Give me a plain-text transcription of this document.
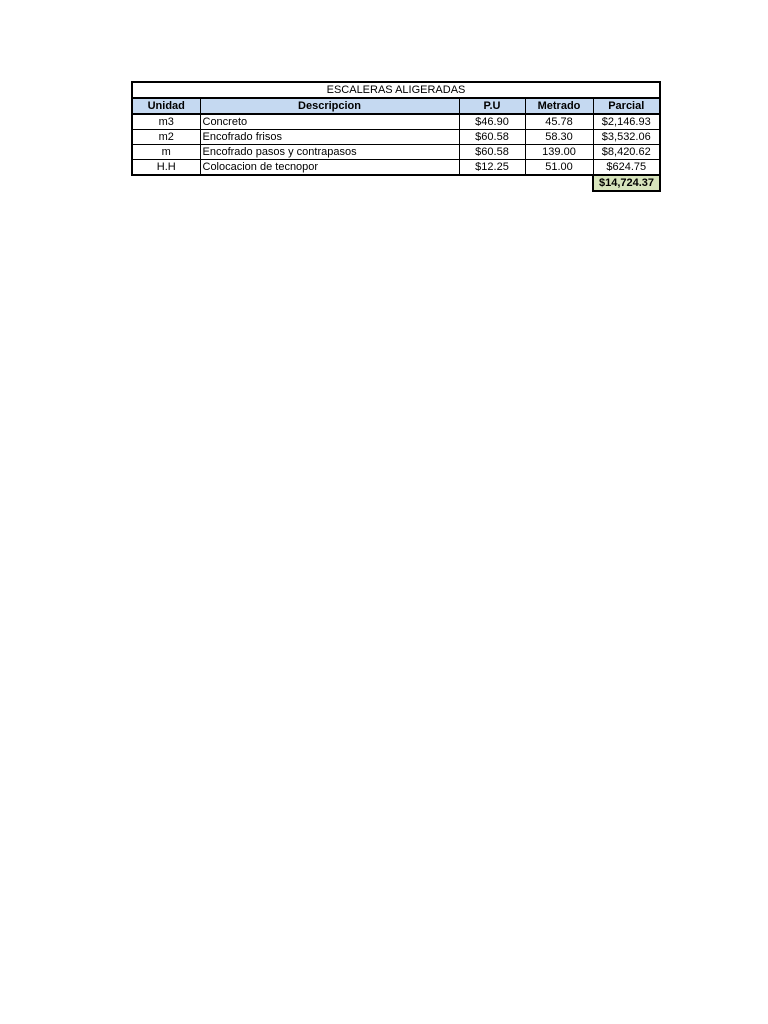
ESCALERAS ALIGERADAS				
Unidad	Descripcion	P.U	Metrado	Parcial
m3	Concreto	$46.90	45.78	$2,146.93
m2	Encofrado frisos	$60.58	58.30	$3,532.06
m	Encofrado pasos y contrapasos	$60.58	139.00	$8,420.62
H.H	Colocacion de tecnopor	$12.25	51.00	$624.75
				$14,724.37
